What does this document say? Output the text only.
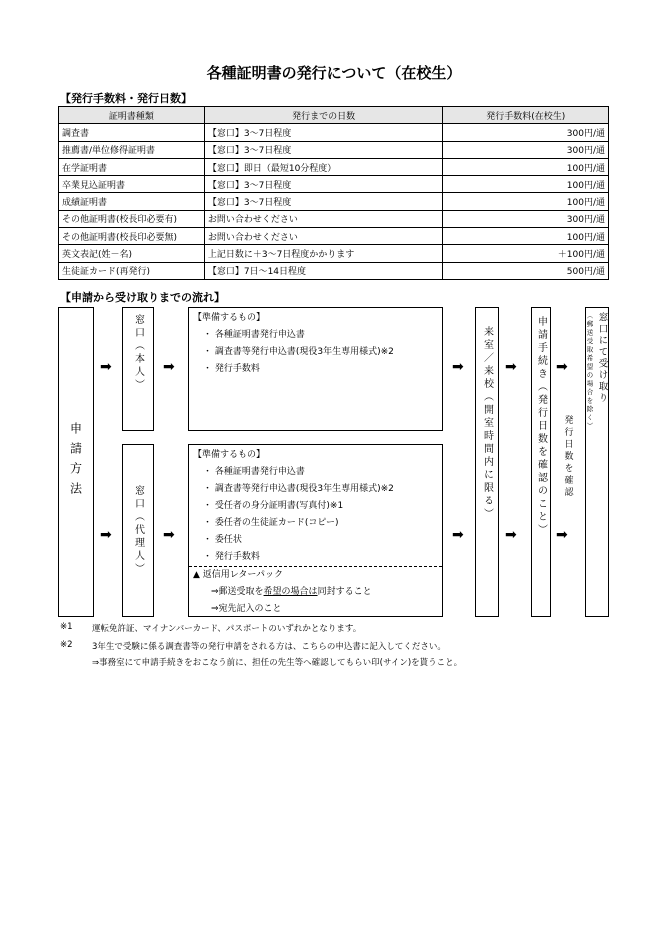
各種証明書の発行について（在校生）
【発行手数料・発行日数】
証明書種類	発行までの日数	発行手数料(在校生)
調査書	【窓口】3～7日程度	300円/通
推薦書/単位修得証明書	【窓口】3～7日程度	300円/通
在学証明書	【窓口】即日（最短10分程度）	100円/通
卒業見込証明書	【窓口】3～7日程度	100円/通
成績証明書	【窓口】3～7日程度	100円/通
その他証明書(校長印必要有)	お問い合わせください	300円/通
その他証明書(校長印必要無)	お問い合わせください	100円/通
英文表記(姓－名)	上記日数に＋3～7日程度かかります	＋100円/通
生徒証カード(再発行)	【窓口】7日～14日程度	500円/通
【申請から受け取りまでの流れ】
申請方法
➡
➡
窓口︵本人︶
窓口︵代理人︶
➡
➡
【準備するもの】
・ 各種証明書発行申込書
・ 調査書等発行申込書(現役3年生専用様式)※2
・ 発行手数料
【準備するもの】
・ 各種証明書発行申込書
・ 調査書等発行申込書(現役3年生専用様式)※2
・ 受任者の身分証明書(写真付)※1
・ 委任者の生徒証カード(コピー)
・ 委任状
・ 発行手数料
▲ 返信用レターパック
⇒郵送受取を希望の場合は同封すること
⇒宛先記入のこと
➡
➡
来室／来校︵開室時間内に限る︶ ➡
➡	申請手続き︵発行日数を確認のこと︶ ➡
発行日数を確認
➡
窓口にて受け取り
︵郵送受取希望の場合を除く︶
※1 運転免許証、マイナンバーカード、パスポートのいずれかとなります。
※2 3年生で受験に係る調査書等の発行申請をされる方は、こちらの申込書に記入してください。
⇒事務室にて申請手続きをおこなう前に、担任の先生等へ確認してもらい印(サイン)を貰うこと。
